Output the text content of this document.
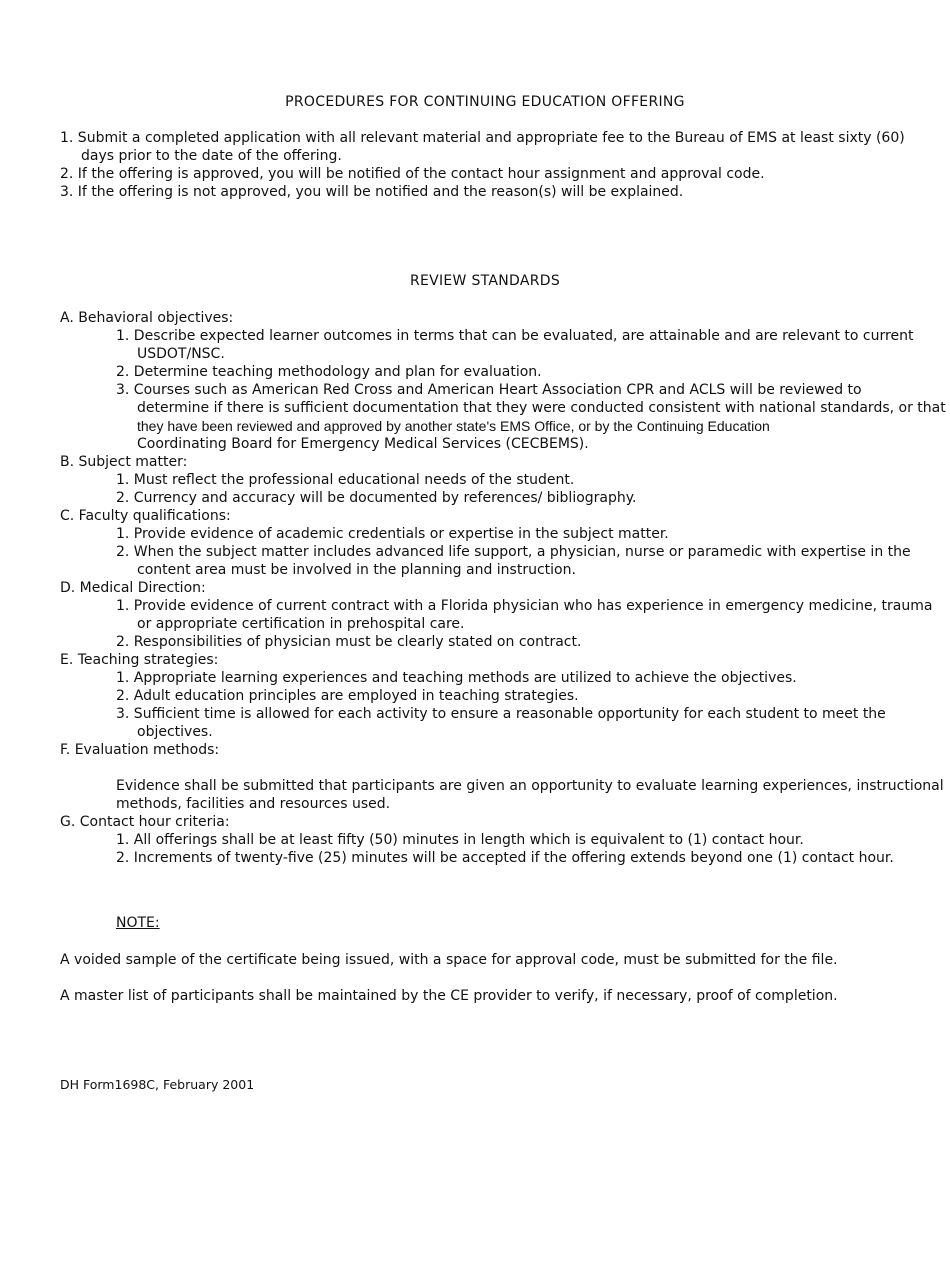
PROCEDURES FOR CONTINUING EDUCATION OFFERING
1. Submit a completed application with all relevant material and appropriate fee to the Bureau of EMS at least sixty (60)
days prior to the date of the offering.
2. If the offering is approved, you will be notified of the contact hour assignment and approval code.
3. If the offering is not approved, you will be notified and the reason(s) will be explained.
REVIEW STANDARDS
A. Behavioral objectives:
1. Describe expected learner outcomes in terms that can be evaluated, are attainable and are relevant to current
USDOT/NSC.
2. Determine teaching methodology and plan for evaluation.
3. Courses such as American Red Cross and American Heart Association CPR and ACLS will be reviewed to
determine if there is sufficient documentation that they were conducted consistent with national standards, or that
they have been reviewed and approved by another state's EMS Office, or by the Continuing Education
Coordinating Board for Emergency Medical Services (CECBEMS).
B. Subject matter:
1. Must reflect the professional educational needs of the student.
2. Currency and accuracy will be documented by references/ bibliography.
C. Faculty qualifications:
1. Provide evidence of academic credentials or expertise in the subject matter.
2. When the subject matter includes advanced life support, a physician, nurse or paramedic with expertise in the
content area must be involved in the planning and instruction.
D. Medical Direction:
1. Provide evidence of current contract with a Florida physician who has experience in emergency medicine, trauma
or appropriate certification in prehospital care.
2. Responsibilities of physician must be clearly stated on contract.
E. Teaching strategies:
1. Appropriate learning experiences and teaching methods are utilized to achieve the objectives.
2. Adult education principles are employed in teaching strategies.
3. Sufficient time is allowed for each activity to ensure a reasonable opportunity for each student to meet the
objectives.
F. Evaluation methods:
Evidence shall be submitted that participants are given an opportunity to evaluate learning experiences, instructional
methods, facilities and resources used.
G. Contact hour criteria:
1. All offerings shall be at least fifty (50) minutes in length which is equivalent to (1) contact hour.
2. Increments of twenty-five (25) minutes will be accepted if the offering extends beyond one (1) contact hour.
NOTE:
A voided sample of the certificate being issued, with a space for approval code, must be submitted for the file.
A master list of participants shall be maintained by the CE provider to verify, if necessary, proof of completion.
DH Form1698C, February 2001
